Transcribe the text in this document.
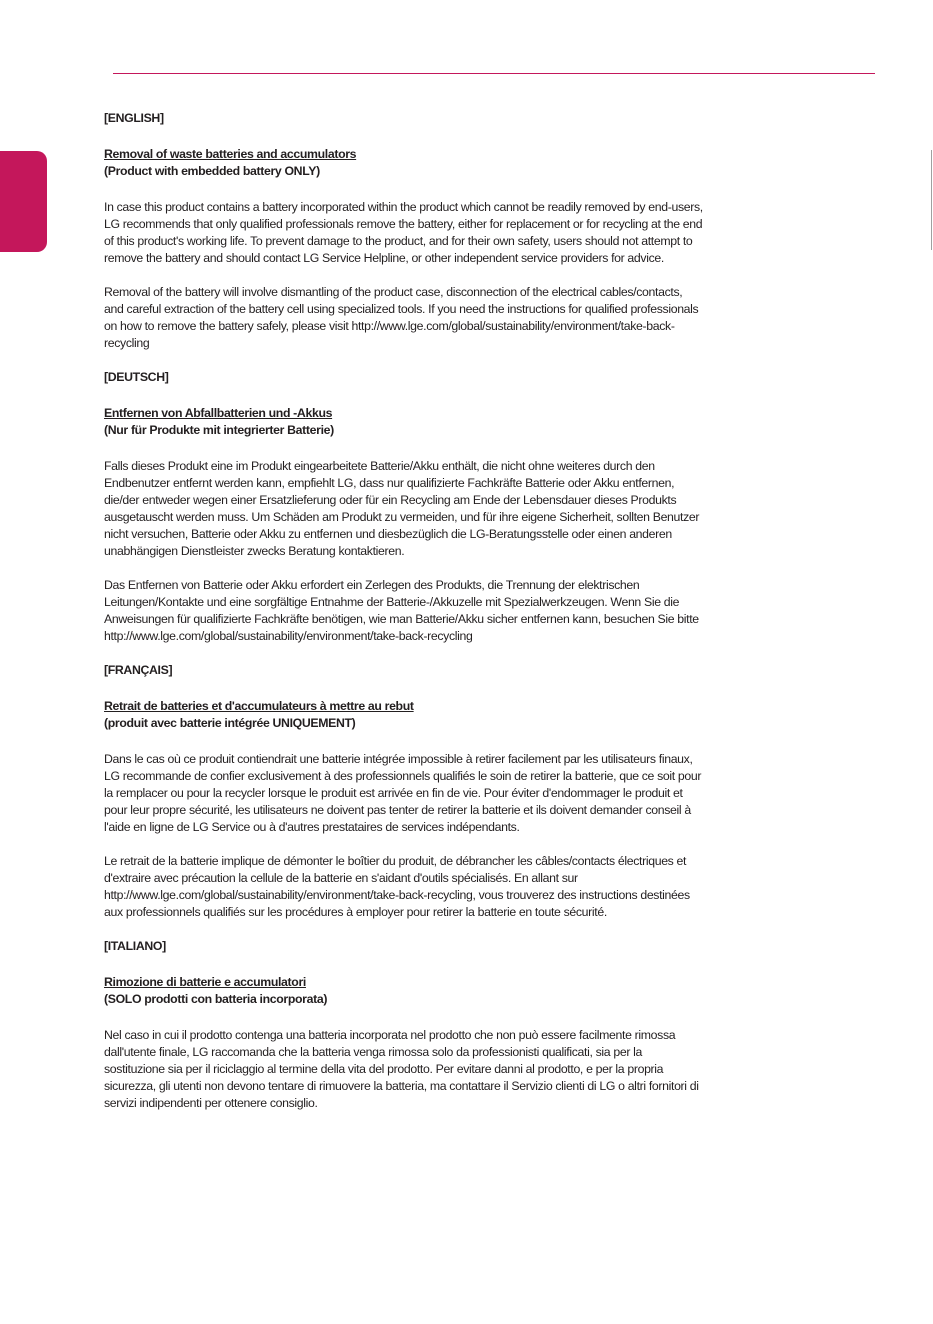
[ENGLISH]
Removal of waste batteries and accumulators
(Product with embedded battery ONLY)

In case this product contains a battery incorporated within the product which cannot be readily removed by end-users, LG recommends that only qualified professionals remove the battery, either for replacement or for recycling at the end of this product's working life. To prevent damage to the product, and for their own safety, users should not attempt to remove the battery and should contact LG Service Helpline, or other independent service providers for advice.

Removal of the battery will involve dismantling of the product case, disconnection of the electrical cables/contacts, and careful extraction of the battery cell using specialized tools. If you need the instructions for qualified professionals on how to remove the battery safely, please visit http://www.lge.com/global/sustainability/environment/take-back-recycling

[DEUTSCH]
Entfernen von Abfallbatterien und -Akkus
(Nur für Produkte mit integrierter Batterie)

Falls dieses Produkt eine im Produkt eingearbeitete Batterie/Akku enthält, die nicht ohne weiteres durch den Endbenutzer entfernt werden kann, empfiehlt LG, dass nur qualifizierte Fachkräfte Batterie oder Akku entfernen, die/der entweder wegen einer Ersatzlieferung oder für ein Recycling am Ende der Lebensdauer dieses Produkts ausgetauscht werden muss. Um Schäden am Produkt zu vermeiden, und für ihre eigene Sicherheit, sollten Benutzer nicht versuchen, Batterie oder Akku zu entfernen und diesbezüglich die LG-Beratungsstelle oder einen anderen unabhängigen Dienstleister zwecks Beratung kontaktieren.

Das Entfernen von Batterie oder Akku erfordert ein Zerlegen des Produkts, die Trennung der elektrischen Leitungen/Kontakte und eine sorgfältige Entnahme der Batterie-/Akkuzelle mit Spezialwerkzeugen. Wenn Sie die Anweisungen für qualifizierte Fachkräfte benötigen, wie man Batterie/Akku sicher entfernen kann, besuchen Sie bitte http://www.lge.com/global/sustainability/environment/take-back-recycling

[FRANÇAIS]
Retrait de batteries et d'accumulateurs à mettre au rebut
(produit avec batterie intégrée UNIQUEMENT)

Dans le cas où ce produit contiendrait une batterie intégrée impossible à retirer facilement par les utilisateurs finaux, LG recommande de confier exclusivement à des professionnels qualifiés le soin de retirer la batterie, que ce soit pour la remplacer ou pour la recycler lorsque le produit est arrivée en fin de vie. Pour éviter d'endommager le produit et pour leur propre sécurité, les utilisateurs ne doivent pas tenter de retirer la batterie et ils doivent demander conseil à l'aide en ligne de LG Service ou à d'autres prestataires de services indépendants.

Le retrait de la batterie implique de démonter le boîtier du produit, de débrancher les câbles/contacts électriques et d'extraire avec précaution la cellule de la batterie en s'aidant d'outils spécialisés. En allant sur http://www.lge.com/global/sustainability/environment/take-back-recycling, vous trouverez des instructions destinées aux professionnels qualifiés sur les procédures à employer pour retirer la batterie en toute sécurité.

[ITALIANO]
Rimozione di batterie e accumulatori
(SOLO prodotti con batteria incorporata)

Nel caso in cui il prodotto contenga una batteria incorporata nel prodotto che non può essere facilmente rimossa dall'utente finale, LG raccomanda che la batteria venga rimossa solo da professionisti qualificati, sia per la sostituzione sia per il riciclaggio al termine della vita del prodotto. Per evitare danni al prodotto, e per la propria sicurezza, gli utenti non devono tentare di rimuovere la batteria, ma contattare il Servizio clienti di LG o altri fornitori di servizi indipendenti per ottenere consiglio.
